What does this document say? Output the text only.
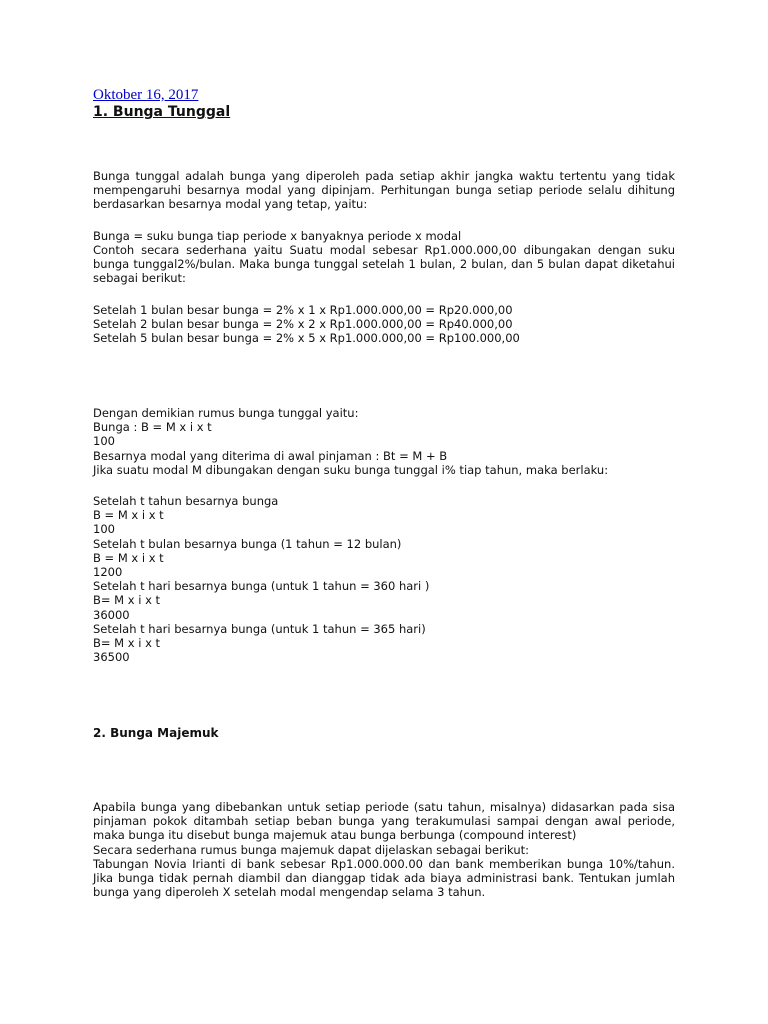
Oktober 16, 2017
1. Bunga Tunggal
Bunga tunggal adalah bunga yang diperoleh pada setiap akhir jangka waktu tertentu yang tidak mempengaruhi besarnya modal yang dipinjam. Perhitungan bunga setiap periode selalu dihitung berdasarkan besarnya modal yang tetap, yaitu:
Bunga = suku bunga tiap periode x banyaknya periode x modal
Contoh secara sederhana yaitu Suatu modal sebesar Rp1.000.000,00 dibungakan dengan suku bunga tunggal2%/bulan. Maka bunga tunggal setelah 1 bulan, 2 bulan, dan 5 bulan dapat diketahui sebagai berikut:
Setelah 1 bulan besar bunga = 2% x 1 x Rp1.000.000,00 = Rp20.000,00
Setelah 2 bulan besar bunga = 2% x 2 x Rp1.000.000,00 = Rp40.000,00
Setelah 5 bulan besar bunga = 2% x 5 x Rp1.000.000,00 = Rp100.000,00
Dengan demikian rumus bunga tunggal yaitu:
Bunga : B = M x i x t
100
Besarnya modal yang diterima di awal pinjaman : Bt = M + B
Jika suatu modal M dibungakan dengan suku bunga tunggal i% tiap tahun, maka berlaku:
Setelah t tahun besarnya bunga
B = M x i x t
100
Setelah t bulan besarnya bunga (1 tahun = 12 bulan)
B = M x i x t
1200
Setelah t hari besarnya bunga (untuk 1 tahun = 360 hari )
B= M x i x t
36000
Setelah t hari besarnya bunga (untuk 1 tahun = 365 hari)
B= M x i x t
36500
2. Bunga Majemuk
Apabila bunga yang dibebankan untuk setiap periode (satu tahun, misalnya) didasarkan pada sisa pinjaman pokok ditambah setiap beban bunga yang terakumulasi sampai dengan awal periode, maka bunga itu disebut bunga majemuk atau bunga berbunga (compound interest)
Secara sederhana rumus bunga majemuk dapat dijelaskan sebagai berikut:
Tabungan Novia Irianti di bank sebesar Rp1.000.000.00 dan bank memberikan bunga 10%/tahun. Jika bunga tidak pernah diambil dan dianggap tidak ada biaya administrasi bank. Tentukan jumlah bunga yang diperoleh X setelah modal mengendap selama 3 tahun.
